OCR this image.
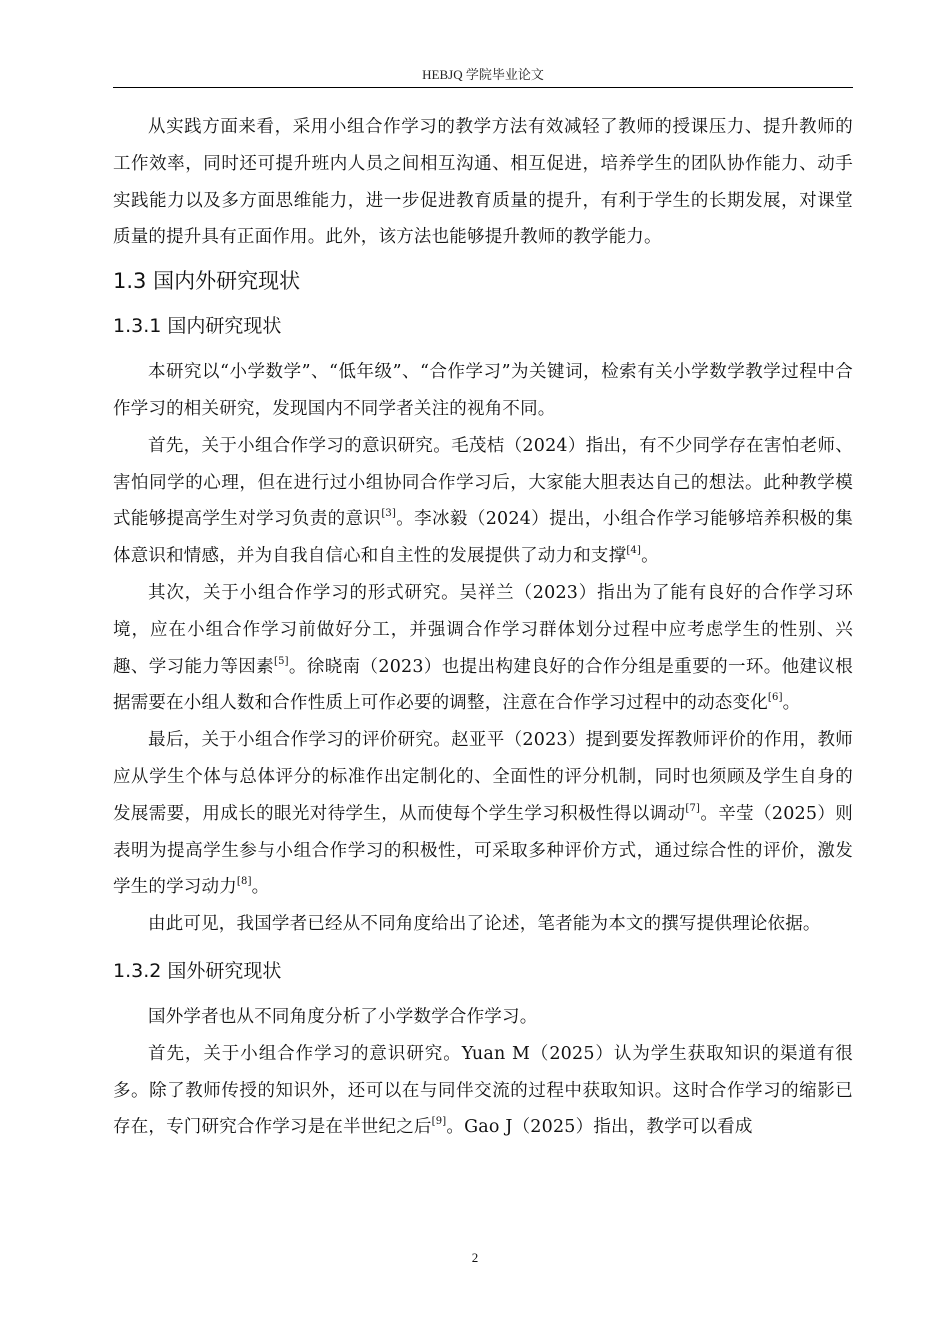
HEBJQ 学院毕业论文

从实践方面来看，采用小组合作学习的教学方法有效减轻了教师的授课压力、提升教师的工作效率，同时还可提升班内人员之间相互沟通、相互促进，培养学生的团队协作能力、动手实践能力以及多方面思维能力，进一步促进教育质量的提升，有利于学生的长期发展，对课堂质量的提升具有正面作用。此外，该方法也能够提升教师的教学能力。

1.3 国内外研究现状
1.3.1 国内研究现状

本研究以“小学数学”、“低年级”、“合作学习”为关键词，检索有关小学数学教学过程中合作学习的相关研究，发现国内不同学者关注的视角不同。

首先，关于小组合作学习的意识研究。毛茂桔（2024）指出，有不少同学存在害怕老师、害怕同学的心理，但在进行过小组协同合作学习后，大家能大胆表达自己的想法。此种教学模式能够提高学生对学习负责的意识[3]。李冰毅（2024）提出，小组合作学习能够培养积极的集体意识和情感，并为自我自信心和自主性的发展提供了动力和支撑[4]。

其次，关于小组合作学习的形式研究。吴祥兰（2023）指出为了能有良好的合作学习环境，应在小组合作学习前做好分工，并强调合作学习群体划分过程中应考虑学生的性别、兴趣、学习能力等因素[5]。徐晓南（2023）也提出构建良好的合作分组是重要的一环。他建议根据需要在小组人数和合作性质上可作必要的调整，注意在合作学习过程中的动态变化[6]。

最后，关于小组合作学习的评价研究。赵亚平（2023）提到要发挥教师评价的作用，教师应从学生个体与总体评分的标准作出定制化的、全面性的评分机制，同时也须顾及学生自身的发展需要，用成长的眼光对待学生，从而使每个学生学习积极性得以调动[7]。辛莹（2025）则表明为提高学生参与小组合作学习的积极性，可采取多种评价方式，通过综合性的评价，激发学生的学习动力[8]。

由此可见，我国学者已经从不同角度给出了论述，笔者能为本文的撰写提供理论依据。

1.3.2 国外研究现状

国外学者也从不同角度分析了小学数学合作学习。

首先，关于小组合作学习的意识研究。Yuan M（2025）认为学生获取知识的渠道有很多。除了教师传授的知识外，还可以在与同伴交流的过程中获取知识。这时合作学习的缩影已存在，专门研究合作学习是在半世纪之后[9]。Gao J（2025）指出，教学可以看成

2
